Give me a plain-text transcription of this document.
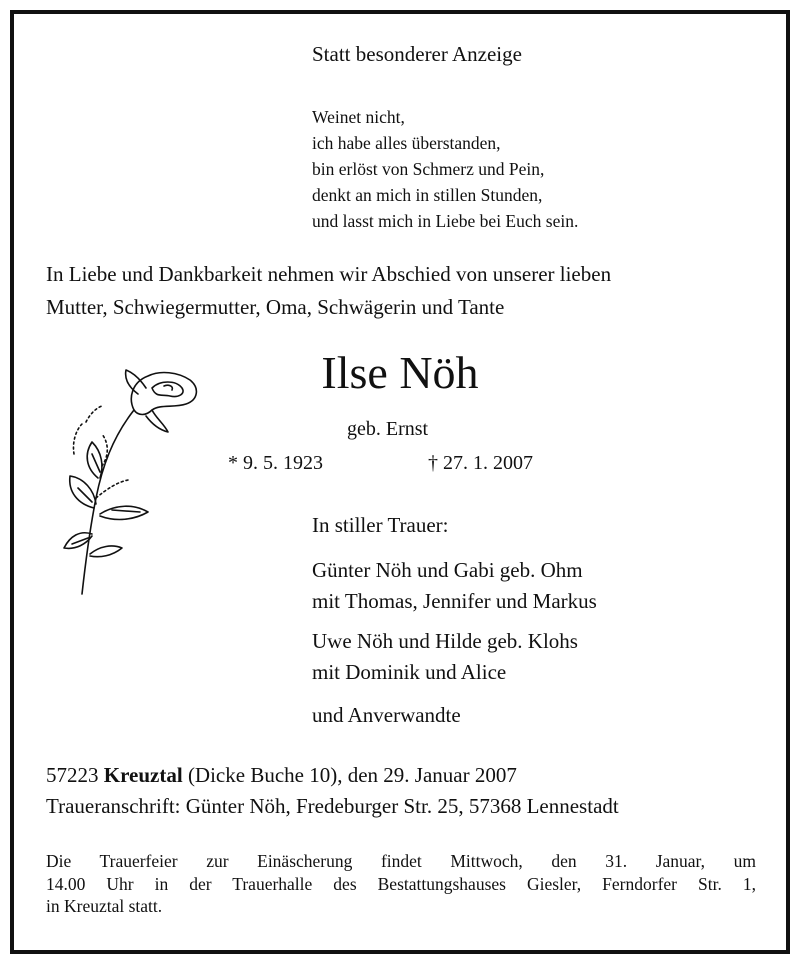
Statt besonderer Anzeige
Weinet nicht,
ich habe alles überstanden,
bin erlöst von Schmerz und Pein,
denkt an mich in stillen Stunden,
und lasst mich in Liebe bei Euch sein.
In Liebe und Dankbarkeit nehmen wir Abschied von unserer lieben
Mutter, Schwiegermutter, Oma, Schwägerin und Tante
Ilse Nöh
geb. Ernst
* 9. 5. 1923	† 27. 1. 2007
In stiller Trauer:
Günter Nöh und Gabi geb. Ohm
mit Thomas, Jennifer und Markus
Uwe Nöh und Hilde geb. Klohs
mit Dominik und Alice
und Anverwandte
57223 Kreuztal (Dicke Buche 10), den 29. Januar 2007
Traueranschrift: Günter Nöh, Fredeburger Str. 25, 57368 Lennestadt
Die Trauerfeier zur Einäscherung findet Mittwoch, den 31. Januar, um
14.00 Uhr in der Trauerhalle des Bestattungshauses Giesler, Ferndorfer Str. 1,
in Kreuztal statt.
